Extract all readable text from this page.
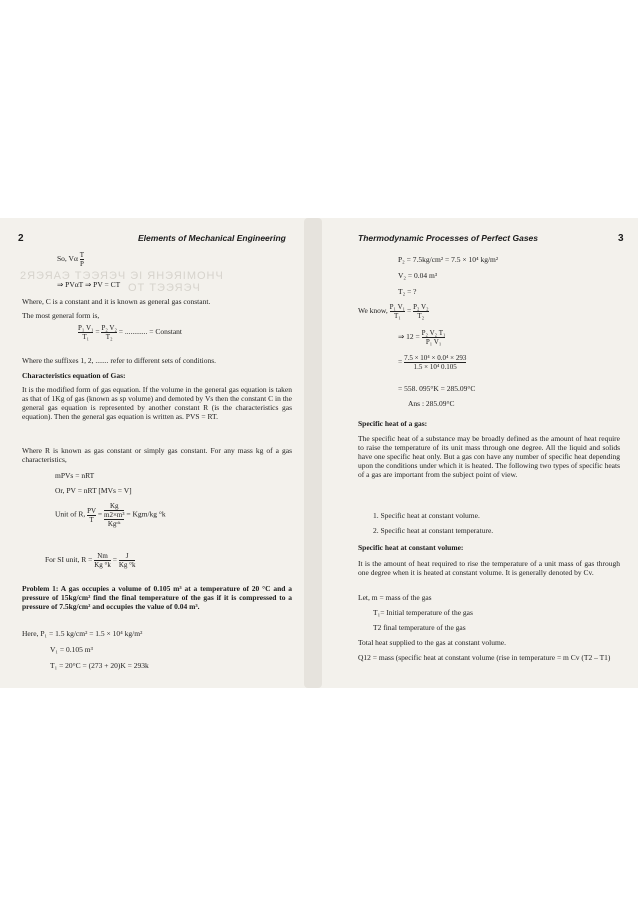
2	Elements of Mechanical Engineering
2ЯЭЯАЭ ТЭЭЯЭЧ ЭІ ЯНЭЯІМОНЧ
ОТ ТЭЭЯЭЧ
So, Vα $\frac{T}{P}$
⇒ PVαT ⇒ PV = CT
Where, C is a constant and it is known as general gas constant.
The most general form is,
$\frac{\text{P₁ V₁}}{\text{T₁}} = \frac{\text{P₂ V₂}}{\text{T₂}}$ = ............ = Constant
Where the suffixes 1, 2, ....... refer to different sets of conditions.
Characteristics equation of Gas:
It is the modified form of gas equation. If the volume in the general gas equation is taken as that of 1Kg of gas (known as sp volume) and demoted by Vs then the constant C in the general gas equation is represented by another constant R (is the characteristics gas equation). Then the general gas equation is written as. PVS = RT.
Where R is known as gas constant or simply gas constant. For any mass kg of a gas characteristics,
mPVs = nRT
Or, PV = nRT [MVs = V]
Unit of R, $\frac{PV}{T}$ =
Kg
m2×m³
Kgᵒᵏ
= Kgm/kg °k
For SI unit, $R = \frac{Nm}{Kg ^\circ k} = \frac{J}{Kg ^\circ k}$
Problem 1: A gas occupies a volume of 0.105 m³ at a temperature of 20 °C and a pressure of 15kg/cm² find the final temperature of the gas if it is compressed to a pressure of 7.5kg/cm² and occupies the value of 0.04 m³.
Here, P₁ = 1.5 kg/cm² = 1.5 × 10⁴ kg/m²
V₁ = 0.105 m³
T₁ = 20°C = (273 + 20)K = 293k
Thermodynamic Processes of Perfect Gases	3
P₂ = 7.5kg/cm² = 7.5 × 10⁴ kg/m²
V₂ = 0.04 m³
T₂ = ?
We know, $\frac{\text{P₁ V₁}}{\text{T₁}} = \frac{\text{P₂ V₂}}{\text{T₂}}$
⇒ $12 = \frac{\text{P₂ V₂ T₁}}{\text{P₁ V₁}}$
= $\frac{\text{7.5 × 10⁴ × 0.0⁴ × 293}}{\text{1.5 × 10⁴ 0.105}}$
= 558. 095°K = 285.09°C
Ans : 285.09°C
Specific heat of a gas:
The specific heat of a substance may be broadly defined as the amount of heat require to raise the temperature of its unit mass through one degree. All the liquid and solids have one specific heat only. But a gas con have any number of specific heat depending upon the conditions under which it is heated. The following two types of specific heats of a gas are important from the subject point of view.
1. Specific heat at constant volume.
2. Specific heat at constant temperature.
Specific heat at constant volume:
It is the amount of heat required to rise the temperature of a unit mass of gas through one degree when it is heated at constant volume. It is generally denoted by Cv.
Let, m = mass of the gas
T₁= Initial temperature of the gas
T2 final temperature of the gas
Total heat supplied to the gas at constant volume.
Q12 = mass (specific heat at constant volume (rise in temperature = m Cv (T2 – T1)
